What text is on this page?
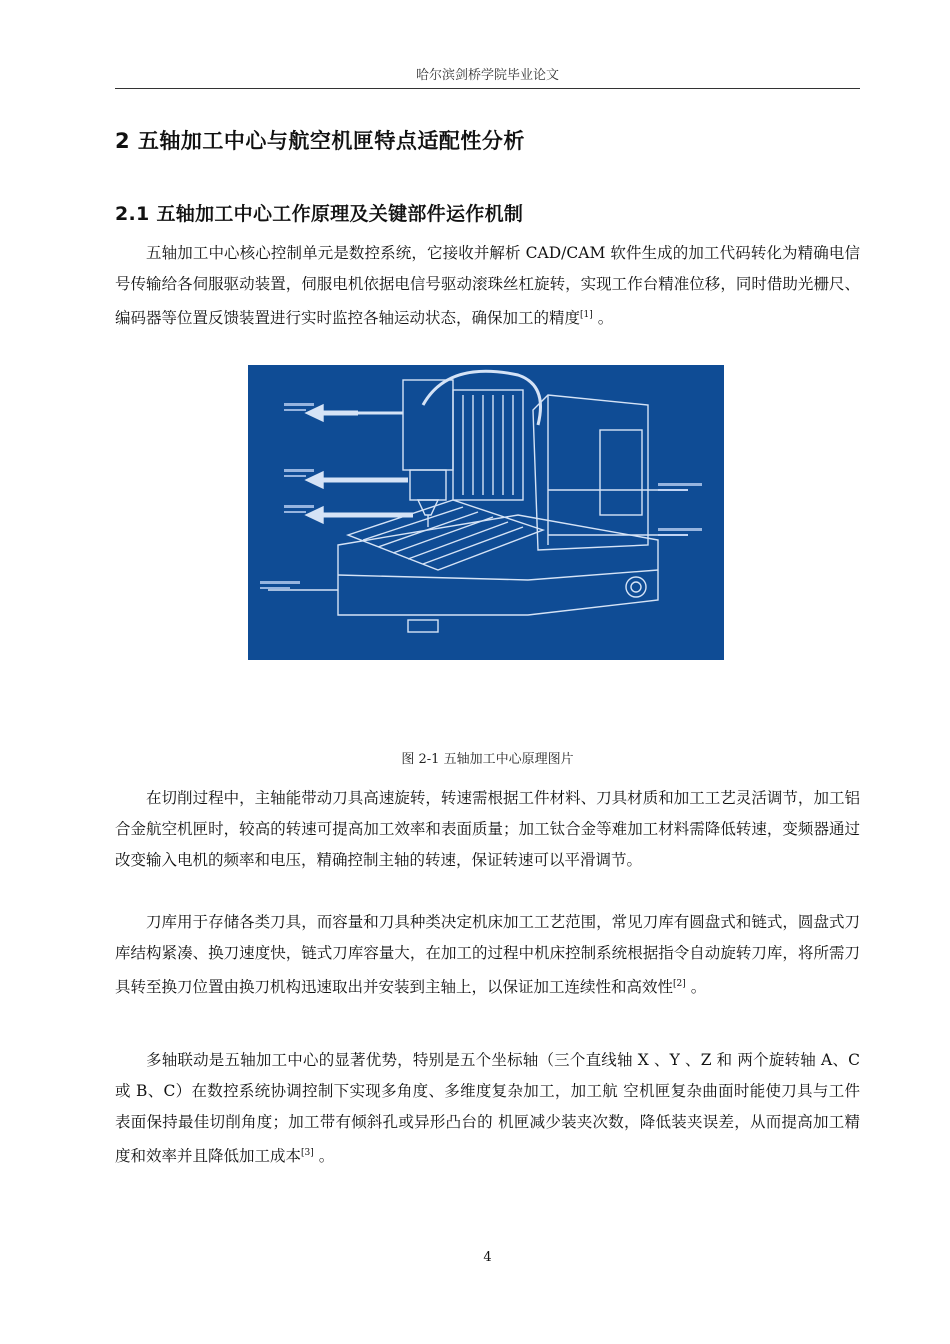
哈尔滨剑桥学院毕业论文
2 五轴加工中心与航空机匣特点适配性分析
2.1 五轴加工中心工作原理及关键部件运作机制

五轴加工中心核心控制单元是数控系统，它接收并解析 CAD/CAM 软件生成的加工代码转化为精确电信号传输给各伺服驱动装置，伺服电机依据电信号驱动滚珠丝杠旋转，实现工作台精准位移，同时借助光栅尺、编码器等位置反馈装置进行实时监控各轴运动状态，确保加工的精度[1] 。

图 2-1 五轴加工中心原理图片

在切削过程中，主轴能带动刀具高速旋转，转速需根据工件材料、刀具材质和加工工艺灵活调节，加工铝合金航空机匣时，较高的转速可提高加工效率和表面质量；加工钛合金等难加工材料需降低转速，变频器通过改变输入电机的频率和电压，精确控制主轴的转速，保证转速可以平滑调节。

刀库用于存储各类刀具，而容量和刀具种类决定机床加工工艺范围，常见刀库有圆盘式和链式，圆盘式刀库结构紧凑、换刀速度快，链式刀库容量大，在加工的过程中机床控制系统根据指令自动旋转刀库，将所需刀具转至换刀位置由换刀机构迅速取出并安装到主轴上，以保证加工连续性和高效性[2] 。

多轴联动是五轴加工中心的显著优势，特别是五个坐标轴（三个直线轴 X 、Y 、Z 和 两个旋转轴 A、C 或 B、C）在数控系统协调控制下实现多角度、多维度复杂加工，加工航 空机匣复杂曲面时能使刀具与工件表面保持最佳切削角度；加工带有倾斜孔或异形凸台的 机匣减少装夹次数，降低装夹误差，从而提高加工精度和效率并且降低加工成本[3] 。

4
